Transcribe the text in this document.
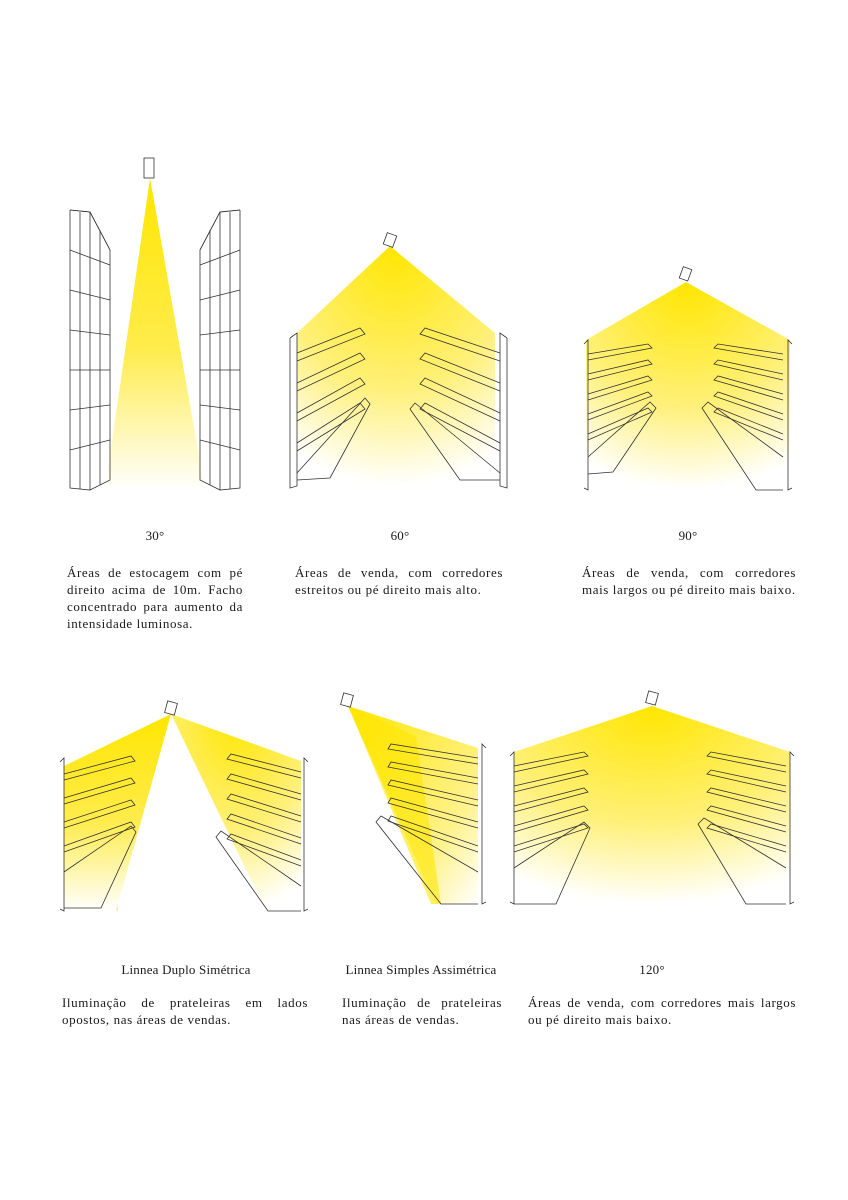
30°
Áreas de estocagem com pé direito acima de 10m. Facho concentrado para aumento da intensidade luminosa.
60°
Áreas de venda, com corredores estreitos ou pé direito mais alto.
90°
Áreas de venda, com corredores mais largos ou pé direito mais baixo.
Linnea Duplo Simétrica
Iluminação de prateleiras em lados opostos, nas áreas de vendas.
Linnea Simples Assimétrica
Iluminação de prateleiras nas áreas de vendas.
120°
Áreas de venda, com corredores mais largos ou pé direito mais baixo.
